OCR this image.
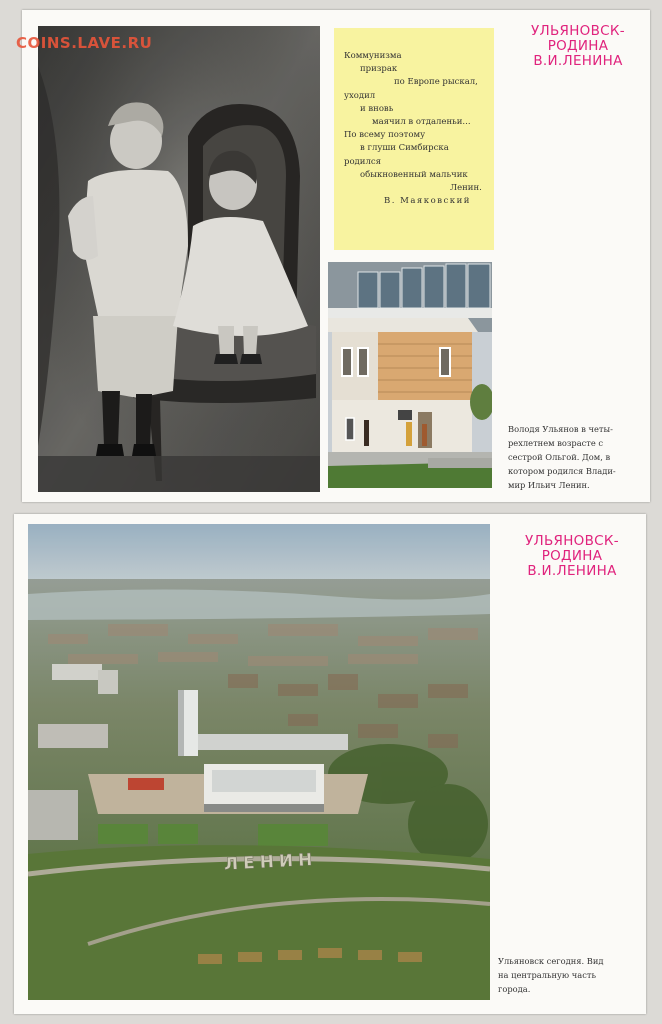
COINS.LAVE.RU
УЛЬЯНОВСК-
РОДИНА
В.И.ЛЕНИНА
Коммунизма
призрак
по Европе рыскал,
уходил
и вновь
маячил в отдаленьи...
По всему поэтому
в глуши Симбирска
родился
обыкновенный мальчик
Ленин.
В. Маяковский
Володя Ульянов в четы-
рехлетнем возрасте с
сестрой Ольгой. Дом, в
котором родился Влади-
мир Ильич Ленин.
ЛЕНИН
УЛЬЯНОВСК-
РОДИНА
В.И.ЛЕНИНА
Ульяновск сегодня. Вид
на центральную часть
города.
